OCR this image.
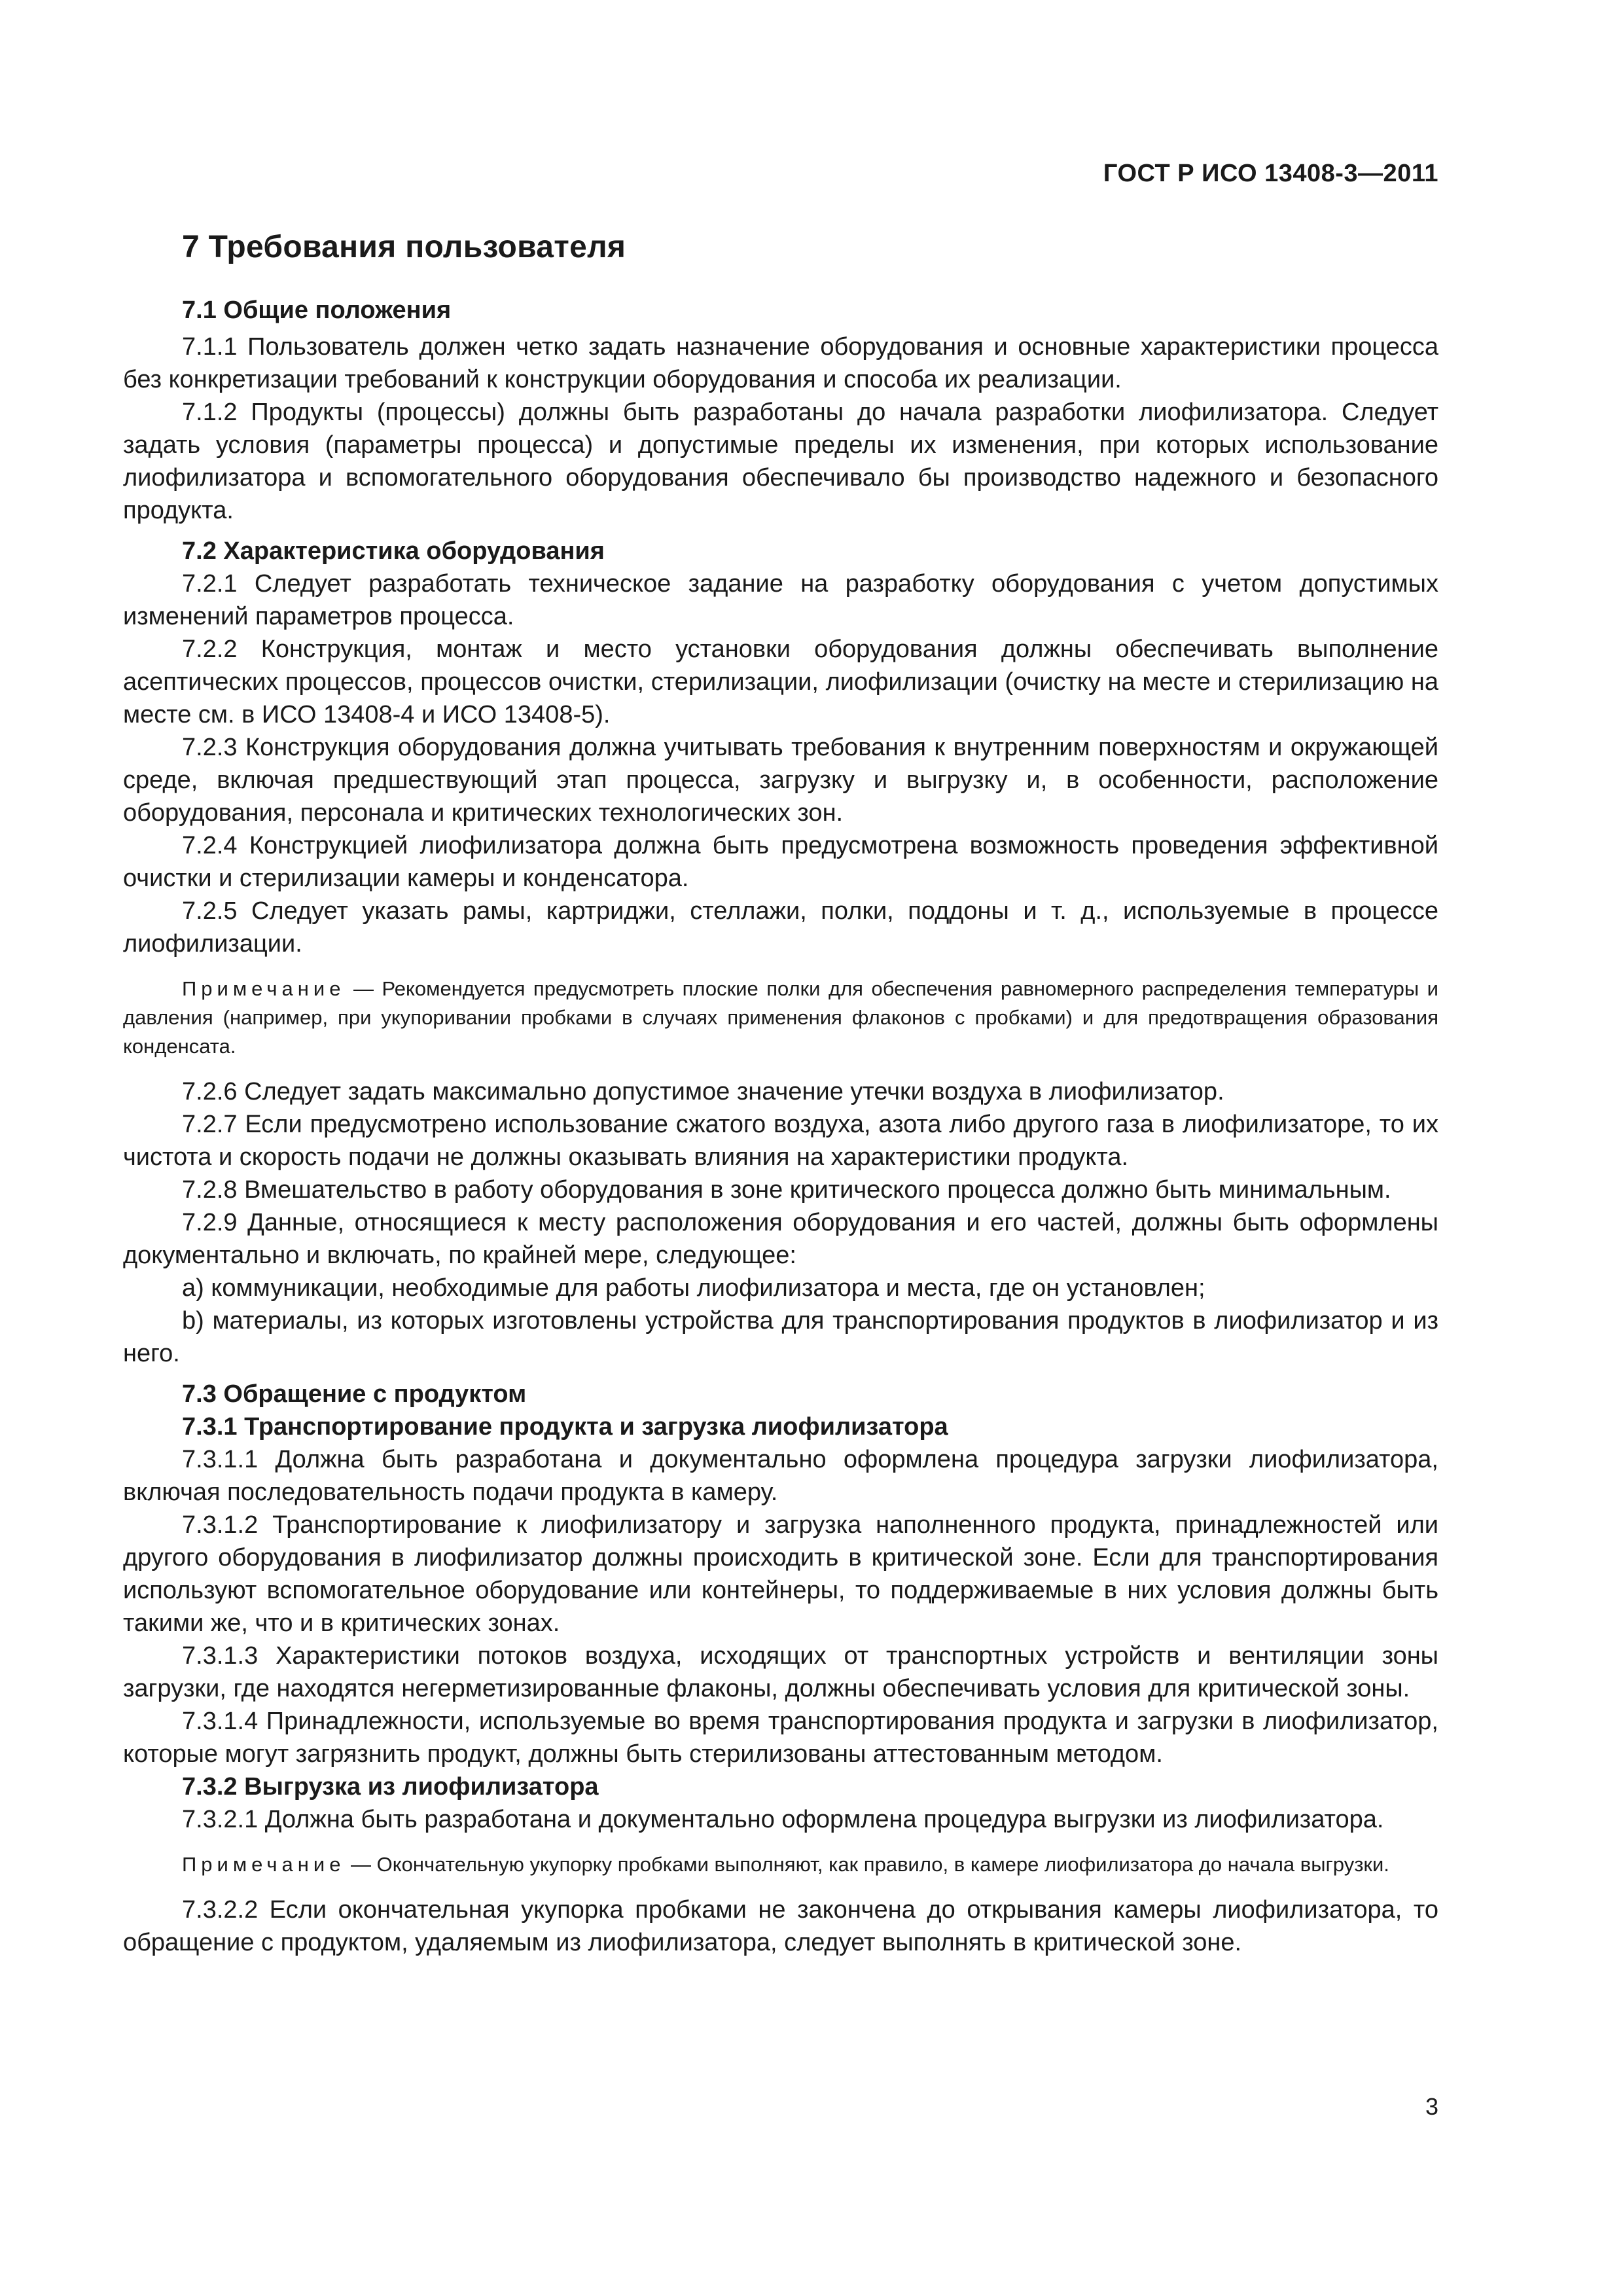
ГОСТ Р ИСО 13408-3—2011
7 Требования пользователя
7.1 Общие положения

7.1.1 Пользователь должен четко задать назначение оборудования и основные характеристики процесса без конкретизации требований к конструкции оборудования и способа их реализации.

7.1.2 Продукты (процессы) должны быть разработаны до начала разработки лиофилизатора. Следует задать условия (параметры процесса) и допустимые пределы их изменения, при которых использование лиофилизатора и вспомогательного оборудования обеспечивало бы производство надежного и безопасного продукта.

7.2 Характеристика оборудования

7.2.1 Следует разработать техническое задание на разработку оборудования с учетом допустимых изменений параметров процесса.

7.2.2 Конструкция, монтаж и место установки оборудования должны обеспечивать выполнение асептических процессов, процессов очистки, стерилизации, лиофилизации (очистку на месте и стерилизацию на месте см. в ИСО 13408-4 и ИСО 13408-5).

7.2.3 Конструкция оборудования должна учитывать требования к внутренним поверхностям и окружающей среде, включая предшествующий этап процесса, загрузку и выгрузку и, в особенности, расположение оборудования, персонала и критических технологических зон.

7.2.4 Конструкцией лиофилизатора должна быть предусмотрена возможность проведения эффективной очистки и стерилизации камеры и конденсатора.

7.2.5 Следует указать рамы, картриджи, стеллажи, полки, поддоны и т. д., используемые в процессе лиофилизации.

Примечание — Рекомендуется предусмотреть плоские полки для обеспечения равномерного распределения температуры и давления (например, при укупоривании пробками в случаях применения флаконов с пробками) и для предотвращения образования конденсата.

7.2.6 Следует задать максимально допустимое значение утечки воздуха в лиофилизатор.

7.2.7 Если предусмотрено использование сжатого воздуха, азота либо другого газа в лиофилизаторе, то их чистота и скорость подачи не должны оказывать влияния на характеристики продукта.

7.2.8 Вмешательство в работу оборудования в зоне критического процесса должно быть минимальным.

7.2.9 Данные, относящиеся к месту расположения оборудования и его частей, должны быть оформлены документально и включать, по крайней мере, следующее:

а) коммуникации, необходимые для работы лиофилизатора и места, где он установлен;

b) материалы, из которых изготовлены устройства для транспортирования продуктов в лиофилизатор и из него.

7.3 Обращение с продуктом
7.3.1 Транспортирование продукта и загрузка лиофилизатора

7.3.1.1 Должна быть разработана и документально оформлена процедура загрузки лиофилизатора, включая последовательность подачи продукта в камеру.

7.3.1.2 Транспортирование к лиофилизатору и загрузка наполненного продукта, принадлежностей или другого оборудования в лиофилизатор должны происходить в критической зоне. Если для транспортирования используют вспомогательное оборудование или контейнеры, то поддерживаемые в них условия должны быть такими же, что и в критических зонах.

7.3.1.3 Характеристики потоков воздуха, исходящих от транспортных устройств и вентиляции зоны загрузки, где находятся негерметизированные флаконы, должны обеспечивать условия для критической зоны.

7.3.1.4 Принадлежности, используемые во время транспортирования продукта и загрузки в лиофилизатор, которые могут загрязнить продукт, должны быть стерилизованы аттестованным методом.

7.3.2 Выгрузка из лиофилизатора

7.3.2.1 Должна быть разработана и документально оформлена процедура выгрузки из лиофилизатора.

Примечание — Окончательную укупорку пробками выполняют, как правило, в камере лиофилизатора до начала выгрузки.

7.3.2.2 Если окончательная укупорка пробками не закончена до открывания камеры лиофилизатора, то обращение с продуктом, удаляемым из лиофилизатора, следует выполнять в критической зоне.

3
